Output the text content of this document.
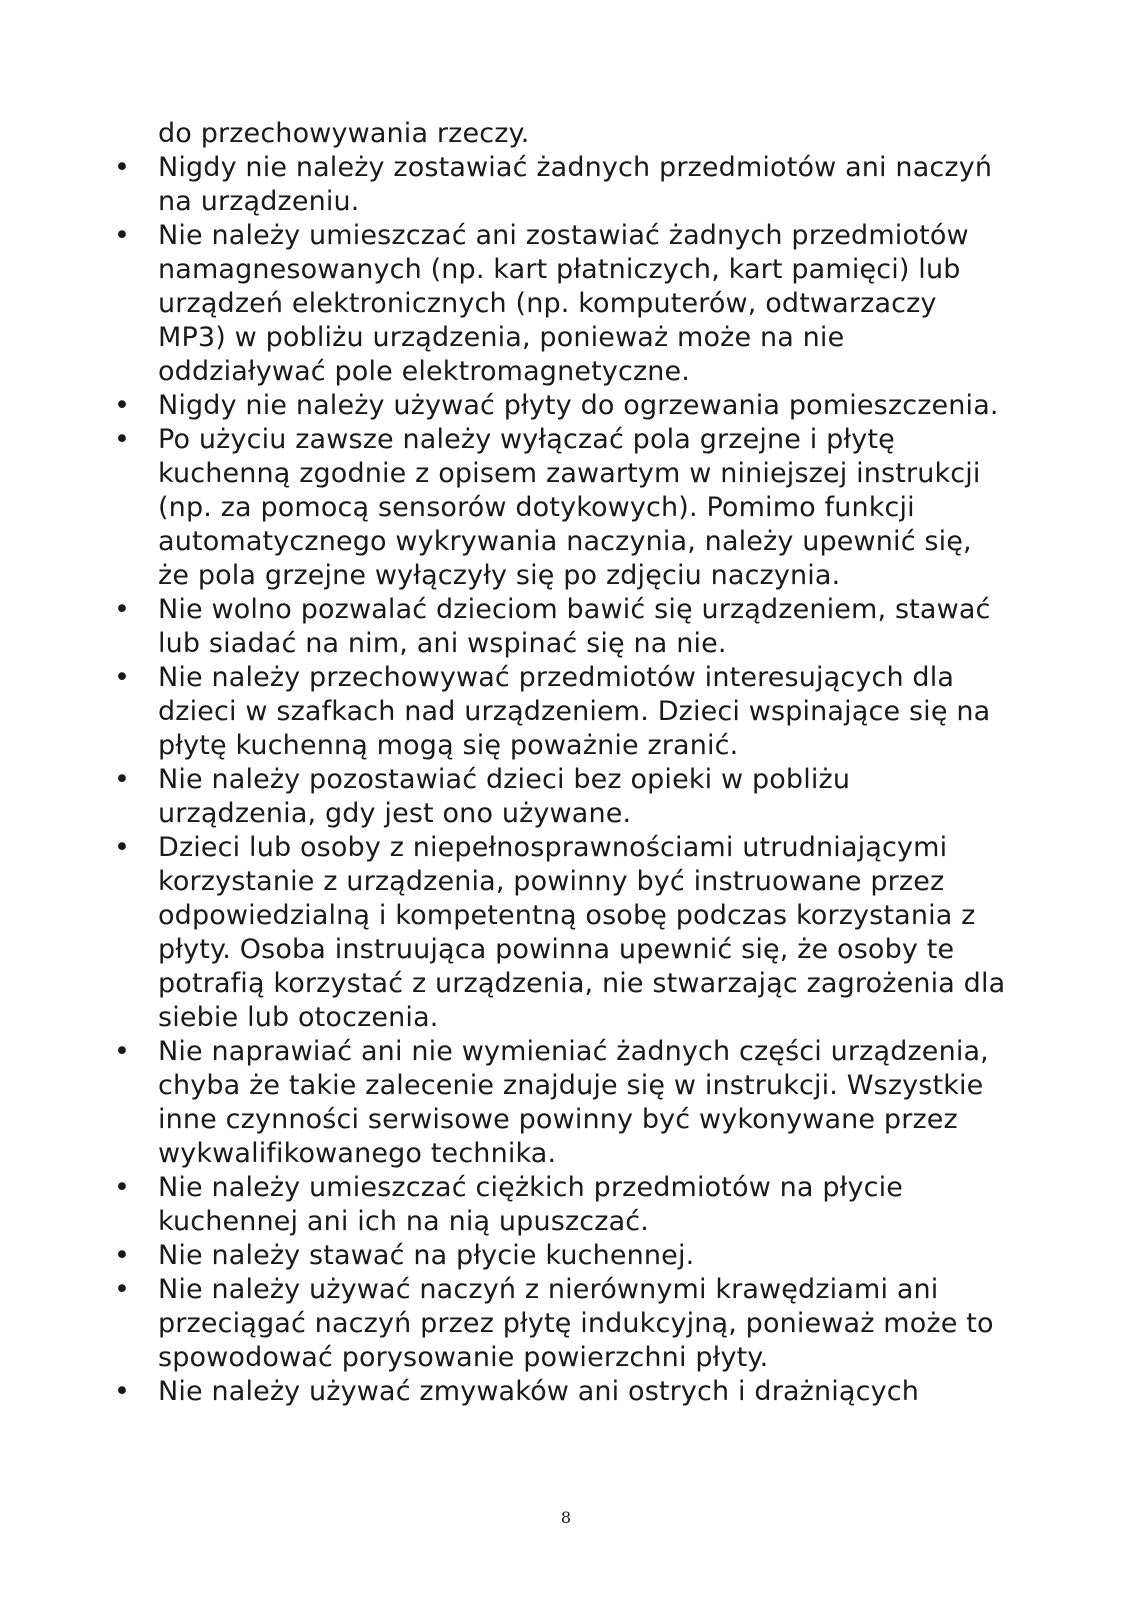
do przechowywania rzeczy.

• Nigdy nie należy zostawiać żadnych przedmiotów ani naczyń na urządzeniu.
• Nie należy umieszczać ani zostawiać żadnych przedmiotów namagnesowanych (np. kart płatniczych, kart pamięci) lub urządzeń elektronicznych (np. komputerów, odtwarzaczy MP3) w pobliżu urządzenia, ponieważ może na nie oddziaływać pole elektromagnetyczne.
• Nigdy nie należy używać płyty do ogrzewania pomieszczenia.
• Po użyciu zawsze należy wyłączać pola grzejne i płytę kuchenną zgodnie z opisem zawartym w niniejszej instrukcji (np. za pomocą sensorów dotykowych). Pomimo funkcji automatycznego wykrywania naczynia, należy upewnić się, że pola grzejne wyłączyły się po zdjęciu naczynia.
• Nie wolno pozwalać dzieciom bawić się urządzeniem, stawać lub siadać na nim, ani wspinać się na nie.
• Nie należy przechowywać przedmiotów interesujących dla dzieci w szafkach nad urządzeniem. Dzieci wspinające się na płytę kuchenną mogą się poważnie zranić.
• Nie należy pozostawiać dzieci bez opieki w pobliżu urządzenia, gdy jest ono używane.
• Dzieci lub osoby z niepełnosprawnościami utrudniającymi korzystanie z urządzenia, powinny być instruowane przez odpowiedzialną i kompetentną osobę podczas korzystania z płyty. Osoba instruująca powinna upewnić się, że osoby te potrafią korzystać z urządzenia, nie stwarzając zagrożenia dla siebie lub otoczenia.
• Nie naprawiać ani nie wymieniać żadnych części urządzenia, chyba że takie zalecenie znajduje się w instrukcji. Wszystkie inne czynności serwisowe powinny być wykonywane przez wykwalifikowanego technika.
• Nie należy umieszczać ciężkich przedmiotów na płycie kuchennej ani ich na nią upuszczać.
• Nie należy stawać na płycie kuchennej.
• Nie należy używać naczyń z nierównymi krawędziami ani przeciągać naczyń przez płytę indukcyjną, ponieważ może to spowodować porysowanie powierzchni płyty.
• Nie należy używać zmywaków ani ostrych i drażniących
8
